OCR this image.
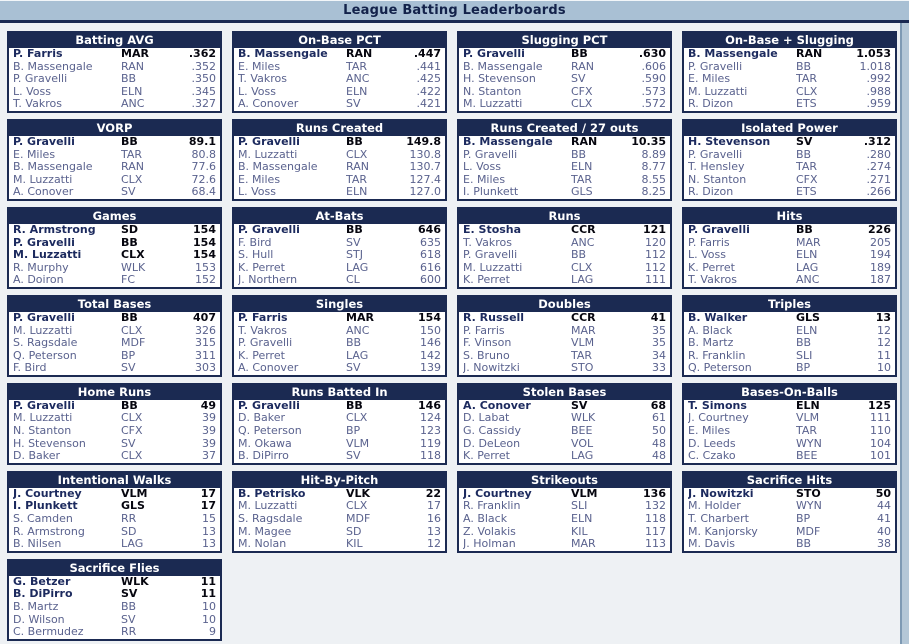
League Batting Leaderboards
Batting AVG
P. Farris	MAR	.362
B. Massengale	RAN	.352
P. Gravelli	BB	.350
L. Voss	ELN	.345
T. Vakros	ANC	.327
On-Base PCT
B. Massengale	RAN	.447
E. Miles	TAR	.441
T. Vakros	ANC	.425
L. Voss	ELN	.422
A. Conover	SV	.421
Slugging PCT
P. Gravelli	BB	.630
B. Massengale	RAN	.606
H. Stevenson	SV	.590
N. Stanton	CFX	.573
M. Luzzatti	CLX	.572
On-Base + Slugging
B. Massengale	RAN	1.053
P. Gravelli	BB	1.018
E. Miles	TAR	.992
M. Luzzatti	CLX	.988
R. Dizon	ETS	.959
VORP
P. Gravelli	BB	89.1
E. Miles	TAR	80.8
B. Massengale	RAN	77.6
M. Luzzatti	CLX	72.6
A. Conover	SV	68.4
Runs Created
P. Gravelli	BB	149.8
M. Luzzatti	CLX	130.8
B. Massengale	RAN	130.7
E. Miles	TAR	127.4
L. Voss	ELN	127.0
Runs Created / 27 outs
B. Massengale	RAN	10.35
P. Gravelli	BB	8.89
L. Voss	ELN	8.77
E. Miles	TAR	8.55
I. Plunkett	GLS	8.25
Isolated Power
H. Stevenson	SV	.312
P. Gravelli	BB	.280
T. Hensley	TAR	.274
N. Stanton	CFX	.271
R. Dizon	ETS	.266
Games
R. Armstrong	SD	154
P. Gravelli	BB	154
M. Luzzatti	CLX	154
R. Murphy	WLK	153
A. Doiron	FC	152
At-Bats
P. Gravelli	BB	646
F. Bird	SV	635
S. Hull	STJ	618
K. Perret	LAG	616
J. Northern	CL	600
Runs
E. Stosha	CCR	121
T. Vakros	ANC	120
P. Gravelli	BB	112
M. Luzzatti	CLX	112
K. Perret	LAG	111
Hits
P. Gravelli	BB	226
P. Farris	MAR	205
L. Voss	ELN	194
K. Perret	LAG	189
T. Vakros	ANC	187
Total Bases
P. Gravelli	BB	407
M. Luzzatti	CLX	326
S. Ragsdale	MDF	315
Q. Peterson	BP	311
F. Bird	SV	303
Singles
P. Farris	MAR	154
T. Vakros	ANC	150
P. Gravelli	BB	146
K. Perret	LAG	142
A. Conover	SV	139
Doubles
R. Russell	CCR	41
P. Farris	MAR	35
F. Vinson	VLM	35
S. Bruno	TAR	34
J. Nowitzki	STO	33
Triples
B. Walker	GLS	13
A. Black	ELN	12
B. Martz	BB	12
R. Franklin	SLI	11
Q. Peterson	BP	10
Home Runs
P. Gravelli	BB	49
M. Luzzatti	CLX	39
N. Stanton	CFX	39
H. Stevenson	SV	39
D. Baker	CLX	37
Runs Batted In
P. Gravelli	BB	146
D. Baker	CLX	124
Q. Peterson	BP	123
M. Okawa	VLM	119
B. DiPirro	SV	118
Stolen Bases
A. Conover	SV	68
D. Labat	WLK	61
G. Cassidy	BEE	50
D. DeLeon	VOL	48
K. Perret	LAG	48
Bases-On-Balls
T. Simons	ELN	125
J. Courtney	VLM	111
E. Miles	TAR	110
D. Leeds	WYN	104
C. Czako	BEE	101
Intentional Walks
J. Courtney	VLM	17
I. Plunkett	GLS	17
S. Camden	RR	15
R. Armstrong	SD	13
B. Nilsen	LAG	13
Hit-By-Pitch
B. Petrisko	VLK	22
M. Luzzatti	CLX	17
S. Ragsdale	MDF	16
M. Magee	SD	13
M. Nolan	KIL	12
Strikeouts
J. Courtney	VLM	136
R. Franklin	SLI	132
A. Black	ELN	118
Z. Volakis	KIL	117
J. Holman	MAR	113
Sacrifice Hits
J. Nowitzki	STO	50
M. Holder	WYN	44
T. Charbert	BP	41
M. Kanjorsky	MDF	40
M. Davis	BB	38
Sacrifice Flies
G. Betzer	WLK	11
B. DiPirro	SV	11
B. Martz	BB	10
D. Wilson	SV	10
C. Bermudez	RR	9
